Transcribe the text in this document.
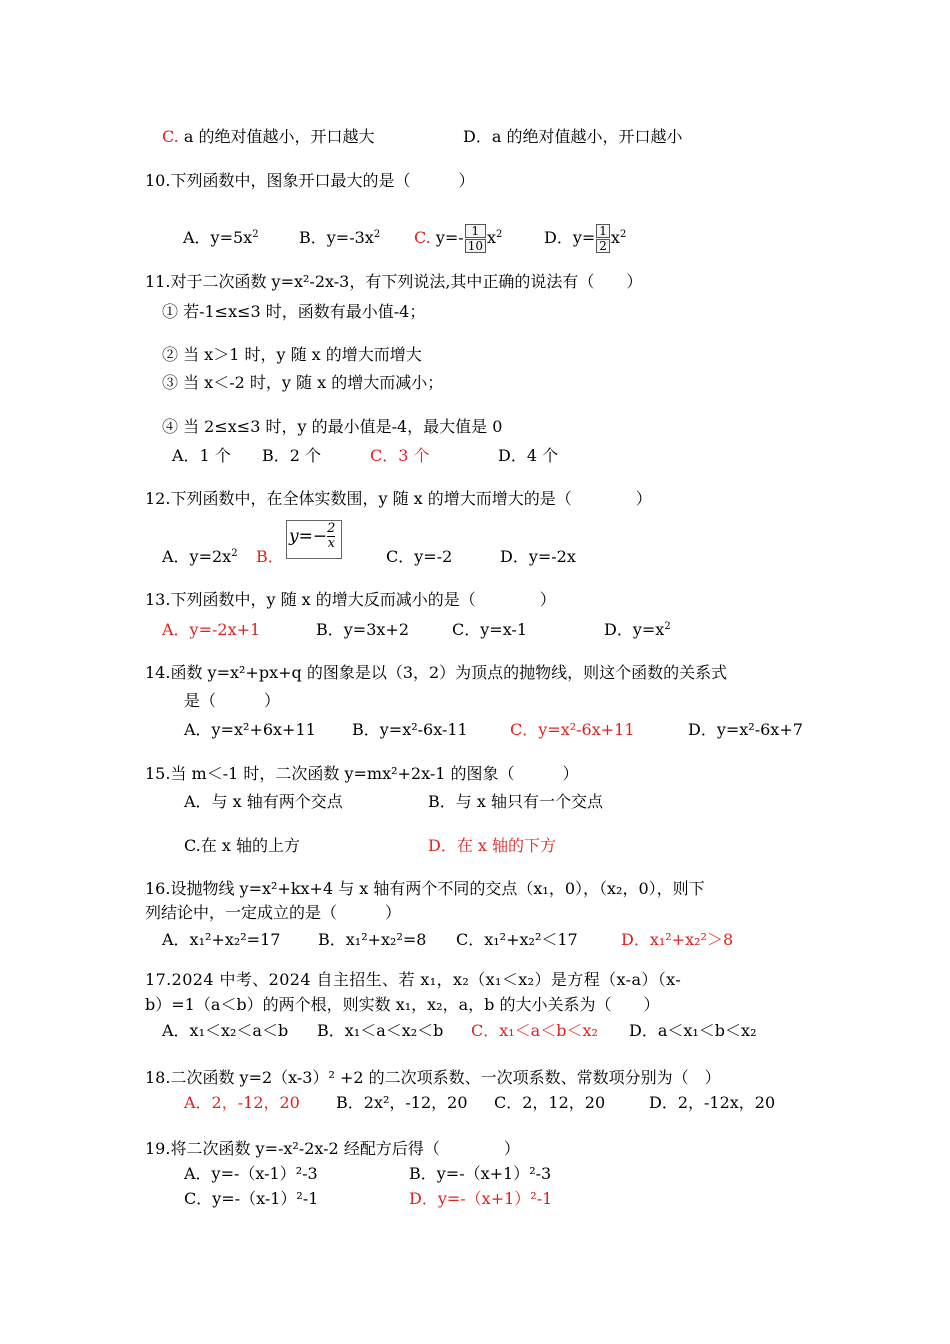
C. a 的绝对值越小，开口越大	D．a 的绝对值越小，开口越小
10.下列函数中，图象开口最大的是（　　　）
A．$y=5x^2$	B．$y=-3x^2$ C. $y=- \frac{1}{10} x^2$	D．$y= \frac{1}{2} x^2$
11.对于二次函数 y=x²-2x-3，有下列说法,其中正确的说法有（　　）
① 若-1≤x≤3 时，函数有最小值-4；
② 当 x＞1 时，y 随 x 的增大而增大
③ 当 x＜-2 时，y 随 x 的增大而减小；
④ 当 2≤x≤3 时，y 的最小值是-4，最大值是 0
A．1 个 B．2 个	C．3 个	D．4 个
12.下列函数中，在全体实数围，y 随 x 的增大而增大的是（　　　　）
A．$y=2x^2$ B．
$y=- \frac{2}{x}$
C．y=-2	D．y=-2x
13.下列函数中，y 随 x 的增大反而减小的是（　　　　）
A．y=-2x+1	B．y=3x+2	C．y=x-1	D．$y=x^2$
14.函数 y=x²+px+q 的图象是以（3，2）为顶点的抛物线，则这个函数的关系式
是（　　　）
A．y=x²+6x+11 B．y=x²-6x-11	C．y=x²-6x+11	D．y=x²-6x+7
15.当 m＜-1 时，二次函数 y=mx²+2x-1 的图象（　　　）
A．与 x 轴有两个交点	B．与 x 轴只有一个交点
C.在 x 轴的上方	D．在 x 轴的下方
16.设抛物线 y=x²+kx+4 与 x 轴有两个不同的交点（x₁，0），（x₂，0），则下
列结论中，一定成立的是（　　　）
A．x₁²+x₂²=17 B．x₁²+x₂²=8 C．x₁²+x₂²＜17	D．x₁²+x₂²＞8
17.2024 中考、2024 自主招生、若 x₁，x₂（x₁＜x₂）是方程（x-a）（x-
b）=1（a＜b）的两个根，则实数 x₁，x₂，a，b 的大小关系为（　　）
A．x₁＜x₂＜a＜b B．x₁＜a＜x₂＜b C．x₁＜a＜b＜x₂ D．a＜x₁＜b＜x₂
18.二次函数 y=2（x-3）² +2 的二次项系数、一次项系数、常数项分别为（　）
A．2，-12，20 B．2x²，-12，20 C．2，12，20	D．2，-12x，20
19.将二次函数 y=-x²-2x-2 经配方后得（　　　　）
A．y=-（x-1）²-3	B．y=-（x+1）²-3
C．y=-（x-1）²-1	D．y=-（x+1）²-1
